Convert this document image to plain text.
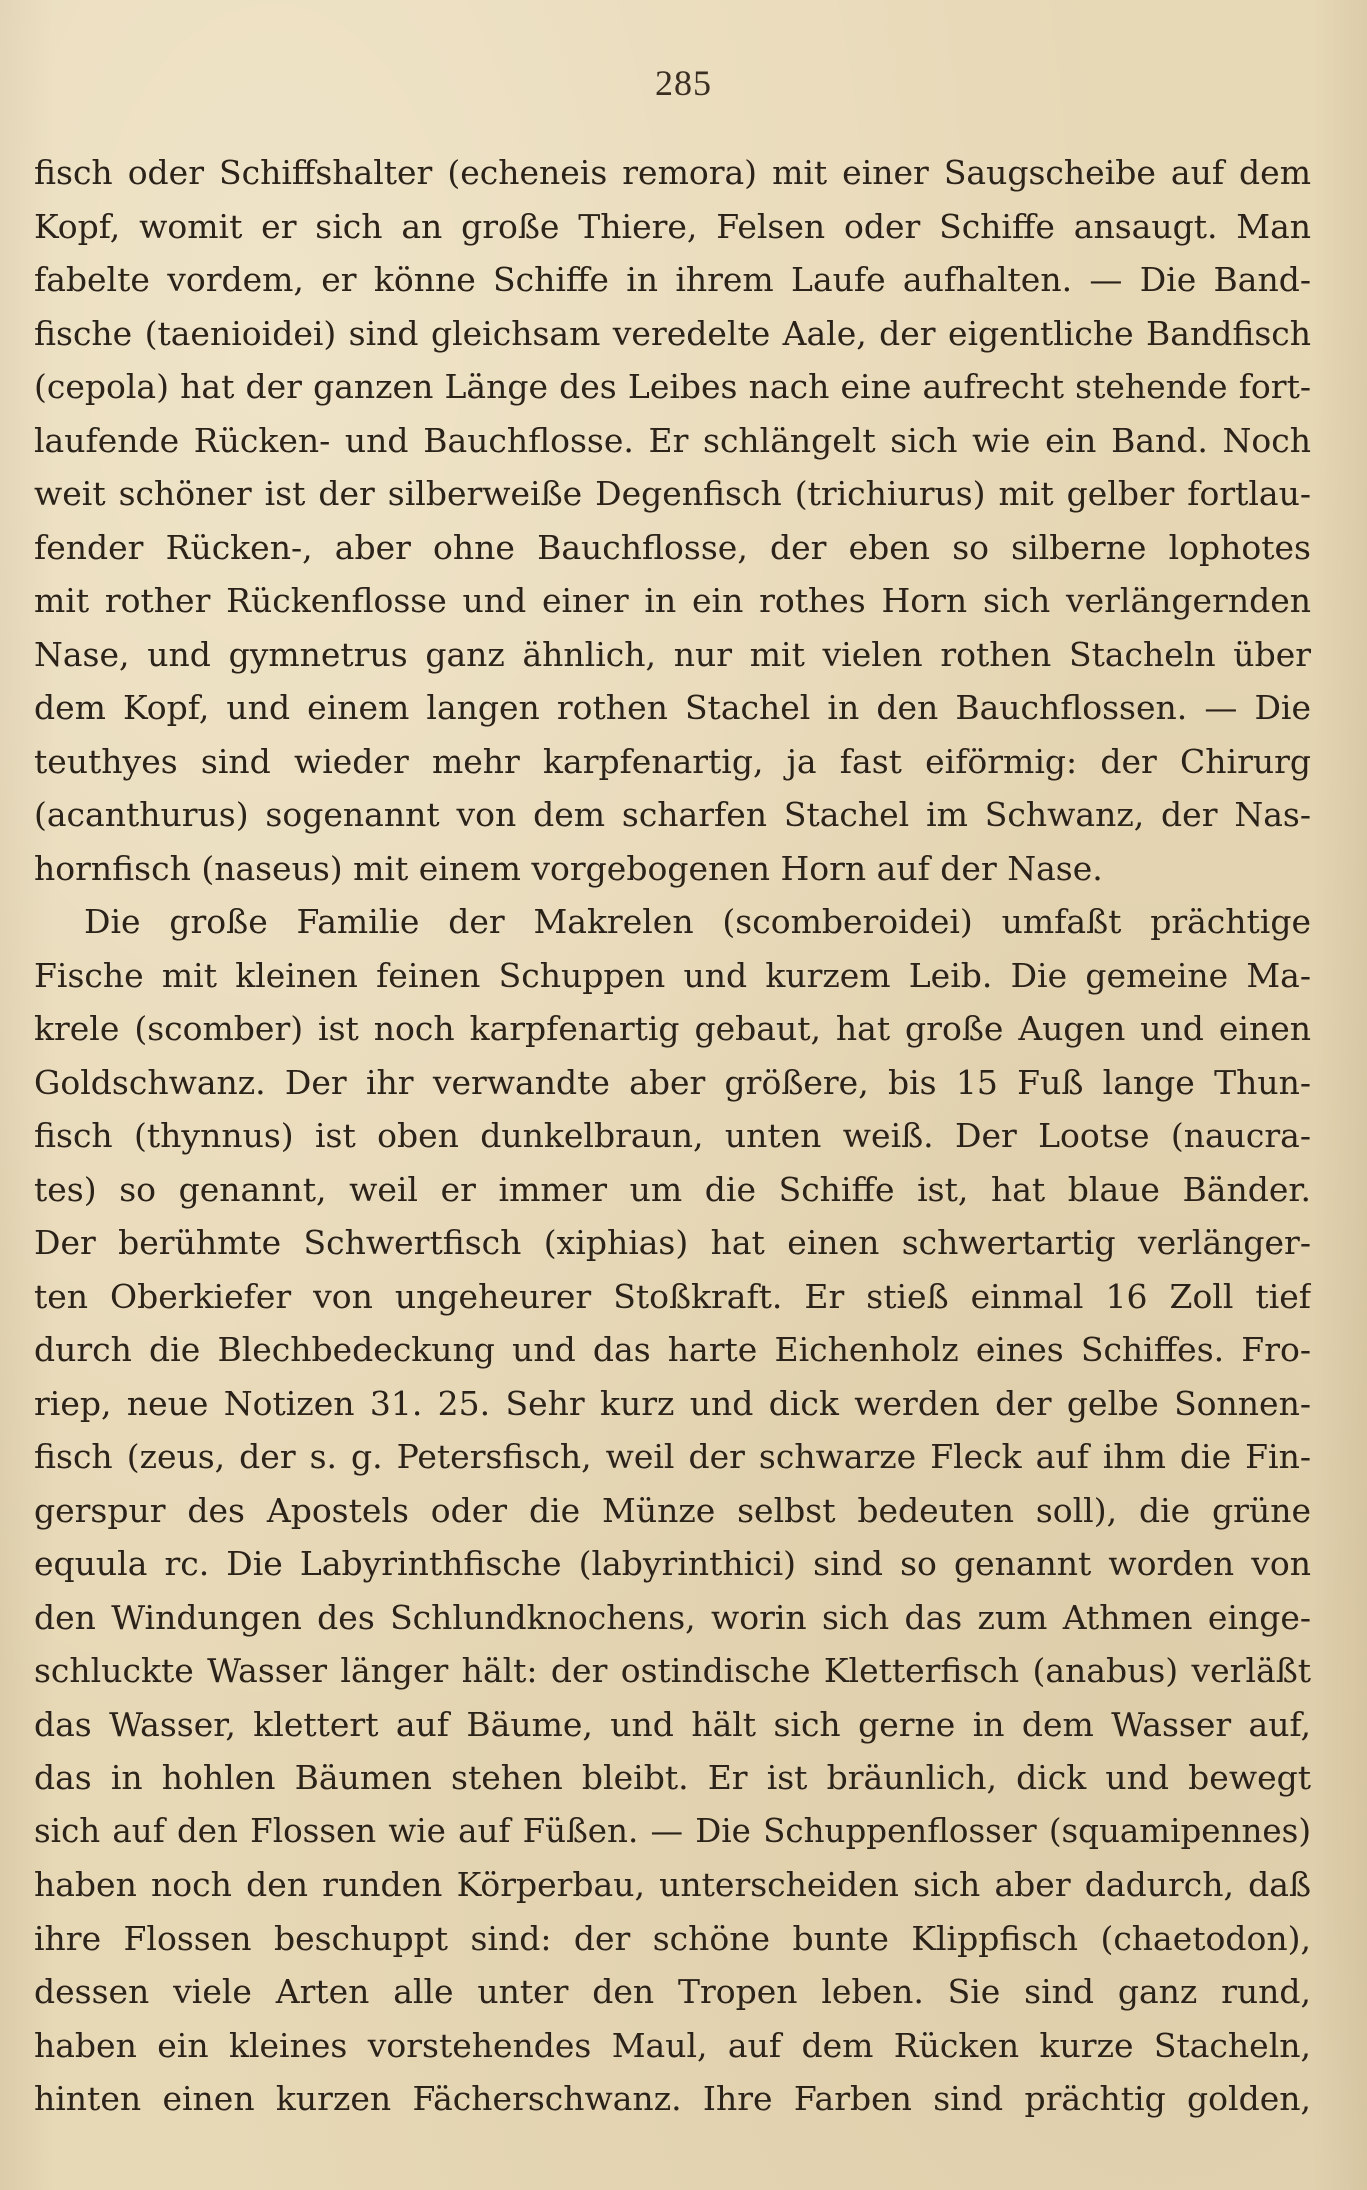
285
fisch oder Schiffshalter (echeneis remora) mit einer Saugscheibe auf dem
Kopf, womit er sich an große Thiere, Felsen oder Schiffe ansaugt. Man
fabelte vordem, er könne Schiffe in ihrem Laufe aufhalten. — Die Band-
fische (taenioidei) sind gleichsam veredelte Aale, der eigentliche Bandfisch
(cepola) hat der ganzen Länge des Leibes nach eine aufrecht stehende fort-
laufende Rücken- und Bauchflosse. Er schlängelt sich wie ein Band. Noch
weit schöner ist der silberweiße Degenfisch (trichiurus) mit gelber fortlau-
fender Rücken-, aber ohne Bauchflosse, der eben so silberne lophotes
mit rother Rückenflosse und einer in ein rothes Horn sich verlängernden
Nase, und gymnetrus ganz ähnlich, nur mit vielen rothen Stacheln über
dem Kopf, und einem langen rothen Stachel in den Bauchflossen. — Die
teuthyes sind wieder mehr karpfenartig, ja fast eiförmig: der Chirurg
(acanthurus) sogenannt von dem scharfen Stachel im Schwanz, der Nas-
hornfisch (naseus) mit einem vorgebogenen Horn auf der Nase.
Die große Familie der Makrelen (scomberoidei) umfaßt prächtige
Fische mit kleinen feinen Schuppen und kurzem Leib. Die gemeine Ma-
krele (scomber) ist noch karpfenartig gebaut, hat große Augen und einen
Goldschwanz. Der ihr verwandte aber größere, bis 15 Fuß lange Thun-
fisch (thynnus) ist oben dunkelbraun, unten weiß. Der Lootse (naucra-
tes) so genannt, weil er immer um die Schiffe ist, hat blaue Bänder.
Der berühmte Schwertfisch (xiphias) hat einen schwertartig verlänger-
ten Oberkiefer von ungeheurer Stoßkraft. Er stieß einmal 16 Zoll tief
durch die Blechbedeckung und das harte Eichenholz eines Schiffes. Fro-
riep, neue Notizen 31. 25. Sehr kurz und dick werden der gelbe Sonnen-
fisch (zeus, der s. g. Petersfisch, weil der schwarze Fleck auf ihm die Fin-
gerspur des Apostels oder die Münze selbst bedeuten soll), die grüne
equula rc. Die Labyrinthfische (labyrinthici) sind so genannt worden von
den Windungen des Schlundknochens, worin sich das zum Athmen einge-
schluckte Wasser länger hält: der ostindische Kletterfisch (anabus) verläßt
das Wasser, klettert auf Bäume, und hält sich gerne in dem Wasser auf,
das in hohlen Bäumen stehen bleibt. Er ist bräunlich, dick und bewegt
sich auf den Flossen wie auf Füßen. — Die Schuppenflosser (squamipennes)
haben noch den runden Körperbau, unterscheiden sich aber dadurch, daß
ihre Flossen beschuppt sind: der schöne bunte Klippfisch (chaetodon),
dessen viele Arten alle unter den Tropen leben. Sie sind ganz rund,
haben ein kleines vorstehendes Maul, auf dem Rücken kurze Stacheln,
hinten einen kurzen Fächerschwanz. Ihre Farben sind prächtig golden,
